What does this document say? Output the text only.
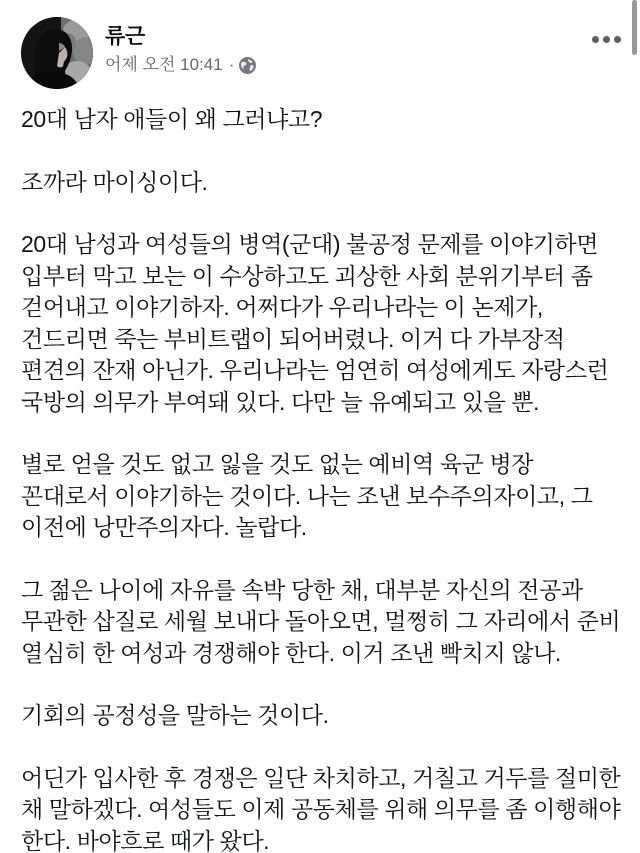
류근
어제 오전 10:41 ·

20대 남자 애들이 왜 그러냐고?

조까라 마이싱이다.

20대 남성과 여성들의 병역(군대) 불공정 문제를 이야기하면 입부터 막고 보는 이 수상하고도 괴상한 사회 분위기부터 좀 걷어내고 이야기하자. 어쩌다가 우리나라는 이 논제가, 건드리면 죽는 부비트랩이 되어버렸나. 이거 다 가부장적 편견의 잔재 아닌가. 우리나라는 엄연히 여성에게도 자랑스런 국방의 의무가 부여돼 있다. 다만 늘 유예되고 있을 뿐.

별로 얻을 것도 없고 잃을 것도 없는 예비역 육군 병장 꼰대로서 이야기하는 것이다. 나는 조낸 보수주의자이고, 그 이전에 낭만주의자다. 놀랍다.

그 젊은 나이에 자유를 속박 당한 채, 대부분 자신의 전공과 무관한 삽질로 세월 보내다 돌아오면, 멀쩡히 그 자리에서 준비 열심히 한 여성과 경쟁해야 한다. 이거 조낸 빡치지 않나.

기회의 공정성을 말하는 것이다.

어딘가 입사한 후 경쟁은 일단 차치하고, 거칠고 거두를 절미한 채 말하겠다. 여성들도 이제 공동체를 위해 의무를 좀 이행해야 한다. 바야흐로 때가 왔다.
